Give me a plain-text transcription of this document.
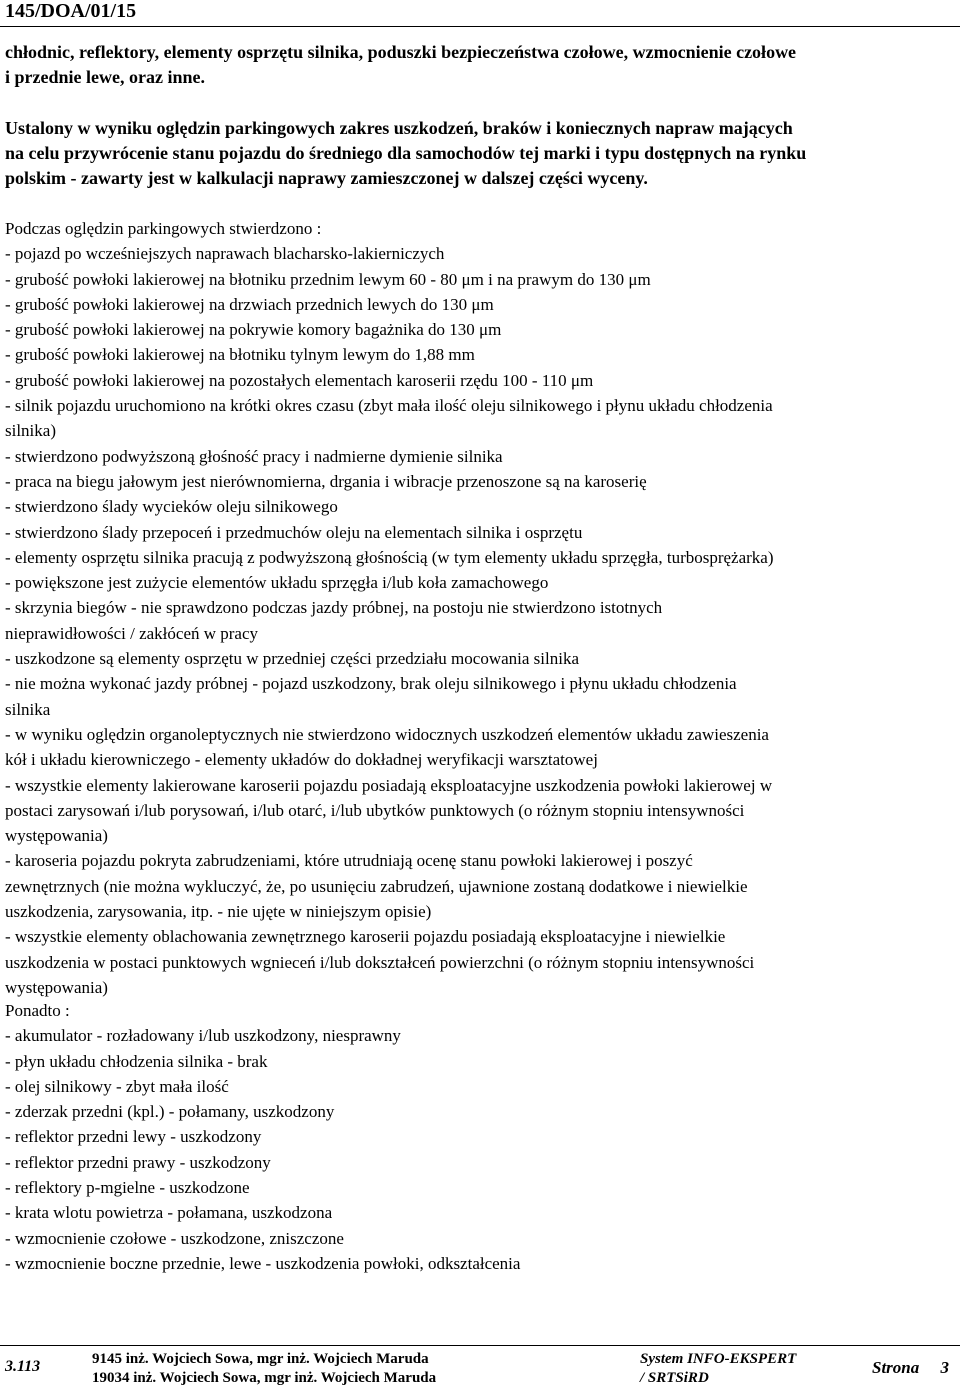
145/DOA/01/15
chłodnic, reflektory, elementy osprzętu silnika, poduszki bezpieczeństwa czołowe, wzmocnienie czołowe
i przednie lewe, oraz inne.
Ustalony w wyniku oględzin parkingowych zakres uszkodzeń, braków i koniecznych napraw mających
na celu przywrócenie stanu pojazdu do średniego dla samochodów tej marki i typu dostępnych na rynku
polskim - zawarty jest w kalkulacji naprawy zamieszczonej w dalszej części wyceny.
Podczas oględzin parkingowych stwierdzono :
- pojazd po wcześniejszych naprawach blacharsko-lakierniczych
- grubość powłoki lakierowej na błotniku przednim lewym 60 - 80 μm i na prawym do 130 μm
- grubość powłoki lakierowej na drzwiach przednich lewych do 130 μm
- grubość powłoki lakierowej na pokrywie komory bagażnika do 130 μm
- grubość powłoki lakierowej na błotniku tylnym lewym do 1,88 mm
- grubość powłoki lakierowej na pozostałych elementach karoserii rzędu 100 - 110 μm
- silnik pojazdu uruchomiono na krótki okres czasu (zbyt mała ilość oleju silnikowego i płynu układu chłodzenia
silnika)
- stwierdzono podwyższoną głośność pracy i nadmierne dymienie silnika
- praca na biegu jałowym jest nierównomierna, drgania i wibracje przenoszone są na karoserię
- stwierdzono ślady wycieków oleju silnikowego
- stwierdzono ślady przepoceń i przedmuchów oleju na elementach silnika i osprzętu
- elementy osprzętu silnika pracują z podwyższoną głośnością (w tym elementy układu sprzęgła, turbosprężarka)
- powiększone jest zużycie elementów układu sprzęgła i/lub koła zamachowego
- skrzynia biegów - nie sprawdzono podczas jazdy próbnej, na postoju nie stwierdzono istotnych
nieprawidłowości / zakłóceń w pracy
- uszkodzone są elementy osprzętu w przedniej części przedziału mocowania silnika
- nie można wykonać jazdy próbnej - pojazd uszkodzony, brak oleju silnikowego i płynu układu chłodzenia
silnika
- w wyniku oględzin organoleptycznych nie stwierdzono widocznych uszkodzeń elementów układu zawieszenia
kół i układu kierowniczego - elementy układów do dokładnej weryfikacji warsztatowej
- wszystkie elementy lakierowane karoserii pojazdu posiadają eksploatacyjne uszkodzenia powłoki lakierowej w
postaci zarysowań i/lub porysowań, i/lub otarć, i/lub ubytków punktowych (o różnym stopniu intensywności
występowania)
- karoseria pojazdu pokryta zabrudzeniami, które utrudniają ocenę stanu powłoki lakierowej i poszyć
zewnętrznych (nie można wykluczyć, że, po usunięciu zabrudzeń, ujawnione zostaną dodatkowe i niewielkie
uszkodzenia, zarysowania, itp. - nie ujęte w niniejszym opisie)
- wszystkie elementy oblachowania zewnętrznego karoserii pojazdu posiadają eksploatacyjne i niewielkie
uszkodzenia w postaci punktowych wgnieceń i/lub dokształceń powierzchni (o różnym stopniu intensywności
występowania)
Ponadto :
- akumulator - rozładowany i/lub uszkodzony, niesprawny
- płyn układu chłodzenia silnika - brak
- olej silnikowy - zbyt mała ilość
- zderzak przedni (kpl.) - połamany, uszkodzony
- reflektor przedni lewy - uszkodzony
- reflektor przedni prawy - uszkodzony
- reflektory p-mgielne - uszkodzone
- krata wlotu powietrza - połamana, uszkodzona
- wzmocnienie czołowe - uszkodzone, zniszczone
- wzmocnienie boczne przednie, lewe - uszkodzenia powłoki, odkształcenia
3.113	9145 inż. Wojciech Sowa, mgr inż. Wojciech Maruda
19034 inż. Wojciech Sowa, mgr inż. Wojciech Maruda
System INFO-EKSPERT
/ SRTSiRD
Strona 3
